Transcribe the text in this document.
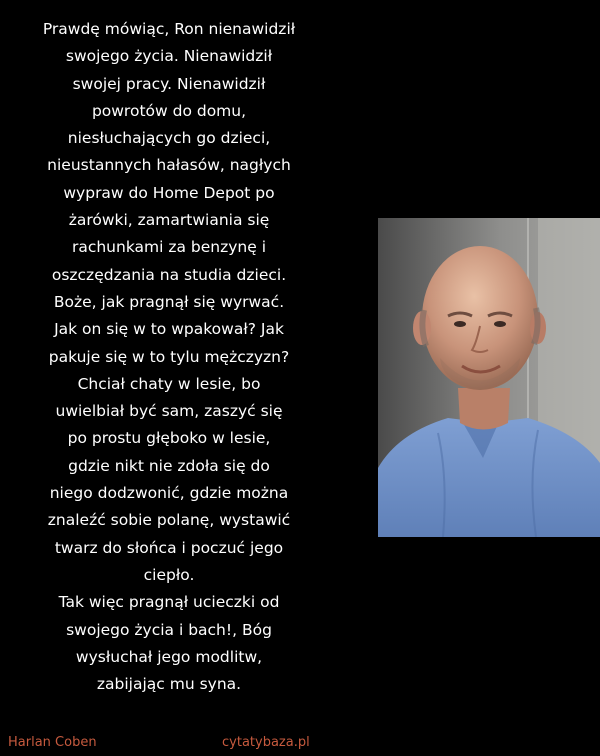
Prawdę mówiąc, Ron nienawidził
swojego życia. Nienawidził
swojej pracy. Nienawidził
powrotów do domu,
niesłuchających go dzieci,
nieustannych hałasów, nagłych
wypraw do Home Depot po
żarówki, zamartwiania się
rachunkami za benzynę i
oszczędzania na studia dzieci.
Boże, jak pragnął się wyrwać.
Jak on się w to wpakował? Jak
pakuje się w to tylu mężczyzn?
Chciał chaty w lesie, bo
uwielbiał być sam, zaszyć się
po prostu głęboko w lesie,
gdzie nikt nie zdoła się do
niego dodzwonić, gdzie można
znaleźć sobie polanę, wystawić
twarz do słońca i poczuć jego
ciepło.
Tak więc pragnął ucieczki od
swojego życia i bach!, Bóg
wysłuchał jego modlitw,
zabijając mu syna.
Harlan Coben	cytatybaza.pl
